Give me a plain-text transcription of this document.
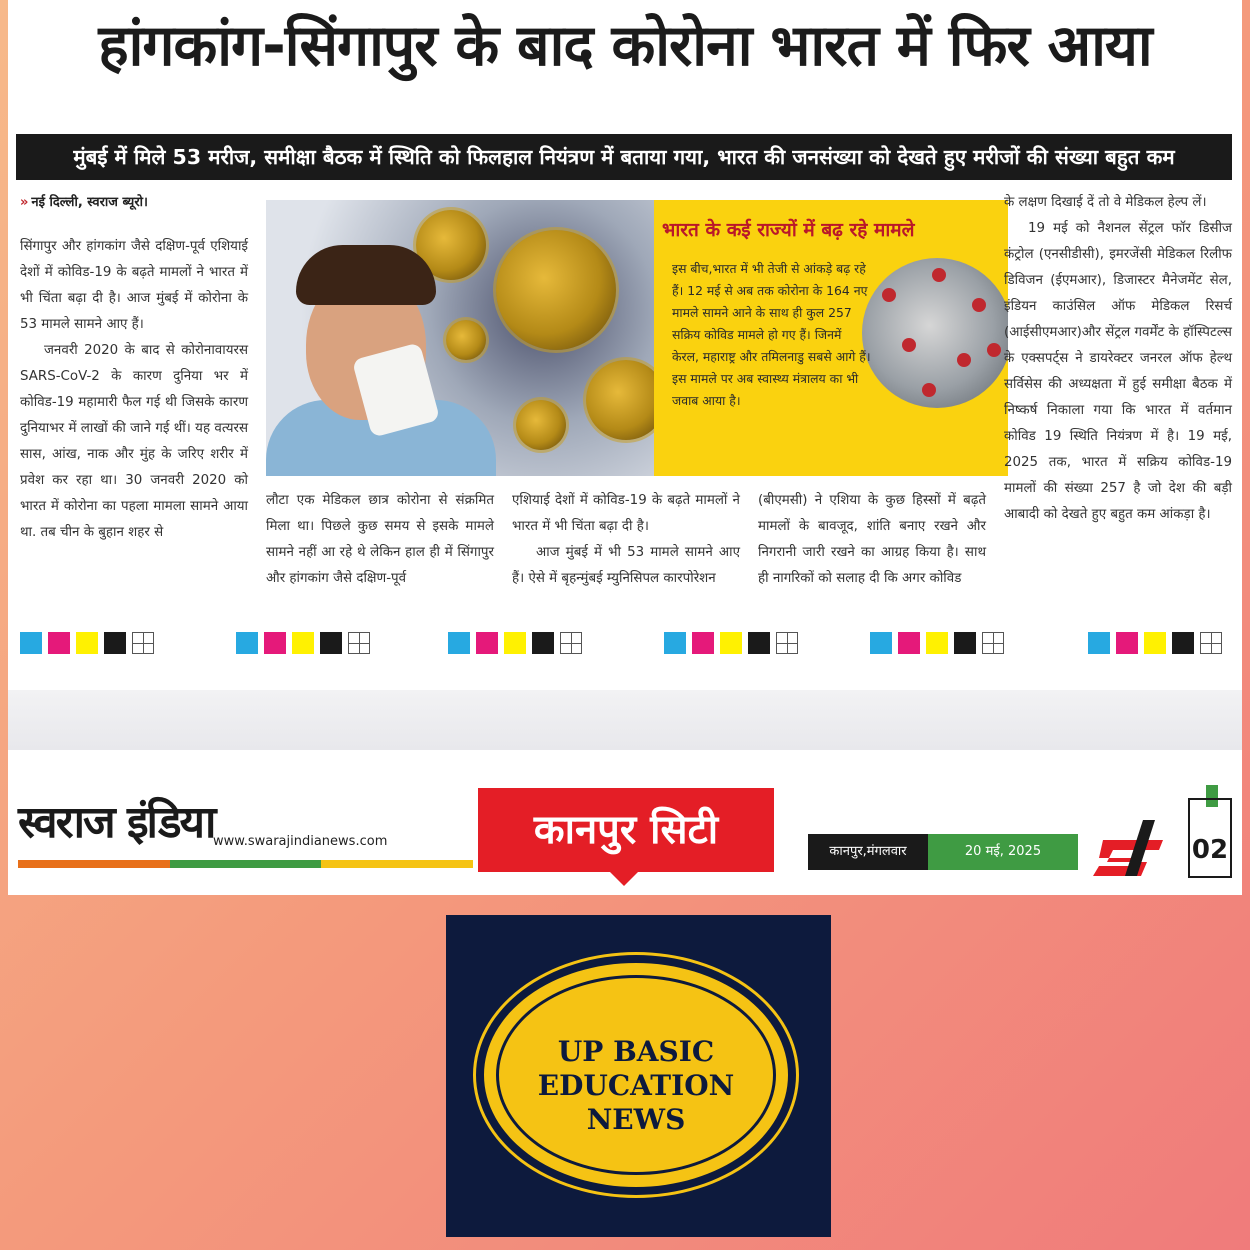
हांगकांग-सिंगापुर के बाद कोरोना भारत में फिर आया
मुंबई में मिले 53 मरीज, समीक्षा बैठक में स्थिति को फिलहाल नियंत्रण में बताया गया, भारत की जनसंख्या को देखते हुए मरीजों की संख्या बहुत कम

» नई दिल्ली, स्वराज ब्यूरो।

सिंगापुर और हांगकांग जैसे दक्षिण-पूर्व एशियाई देशों में कोविड-19 के बढ़ते मामलों ने भारत में भी चिंता बढ़ा दी है। आज मुंबई में कोरोना के 53 मामले सामने आए हैं।

जनवरी 2020 के बाद से कोरोनावायरस SARS-CoV-2 के कारण दुनिया भर में कोविड-19 महामारी फैल गई थी जिसके कारण दुनियाभर में लाखों की जाने गई थीं। यह वत्यरस सास, आंख, नाक और मुंह के जरिए शरीर में प्रवेश कर रहा था। 30 जनवरी 2020 को भारत में कोरोना का पहला मामला सामने आया था. तब चीन के बुहान शहर से

भारत के कई राज्यों में बढ़ रहे मामले
इस बीच,भारत में भी तेजी से आंकड़े बढ़ रहे हैं। 12 मई से अब तक कोरोना के 164 नए मामले सामने आने के साथ ही कुल 257 सक्रिय कोविड मामले हो गए हैं। जिनमें केरल, महाराष्ट्र और तमिलनाडु सबसे आगे हैं। इस मामले पर अब स्वास्थ्य मंत्रालय का भी जवाब आया है।

के लक्षण दिखाई दें तो वे मेडिकल हेल्प लें।

19 मई को नैशनल सेंट्रल फॉर डिसीज कंट्रोल (एनसीडीसी), इमरजेंसी मेडिकल रिलीफ डिविजन (ईएमआर), डिजास्टर मैनेजमेंट सेल, इंडियन काउंसिल ऑफ मेडिकल रिसर्च (आईसीएमआर)और सेंट्रल गवर्मेंट के हॉस्पिटल्स के एक्सपर्ट्स ने डायरेक्टर जनरल ऑफ हेल्थ सर्विसेस की अध्यक्षता में हुई समीक्षा बैठक में निष्कर्ष निकाला गया कि भारत में वर्तमान कोविड 19 स्थिति नियंत्रण में है। 19 मई, 2025 तक, भारत में सक्रिय कोविड-19 मामलों की संख्या 257 है जो देश की बड़ी आबादी को देखते हुए बहुत कम आंकड़ा है।

लौटा एक मेडिकल छात्र कोरोना से संक्रमित मिला था। पिछले कुछ समय से इसके मामले सामने नहीं आ रहे थे लेकिन हाल ही में सिंगापुर और हांगकांग जैसे दक्षिण-पूर्व

एशियाई देशों में कोविड-19 के बढ़ते मामलों ने भारत में भी चिंता बढ़ा दी है।

आज मुंबई में भी 53 मामले सामने आए हैं। ऐसे में बृहन्मुंबई म्युनिसिपल कारपोरेशन

(बीएमसी) ने एशिया के कुछ हिस्सों में बढ़ते मामलों के बावजूद, शांति बनाए रखने और निगरानी जारी रखने का आग्रह किया है। साथ ही नागरिकों को सलाह दी कि अगर कोविड

स्वराज इंडिया
www.swarajindianews.com	कानपुर सिटी	कानपुर,मंगलवार	20 मई, 2025	02
UP BASIC
EDUCATION
NEWS
